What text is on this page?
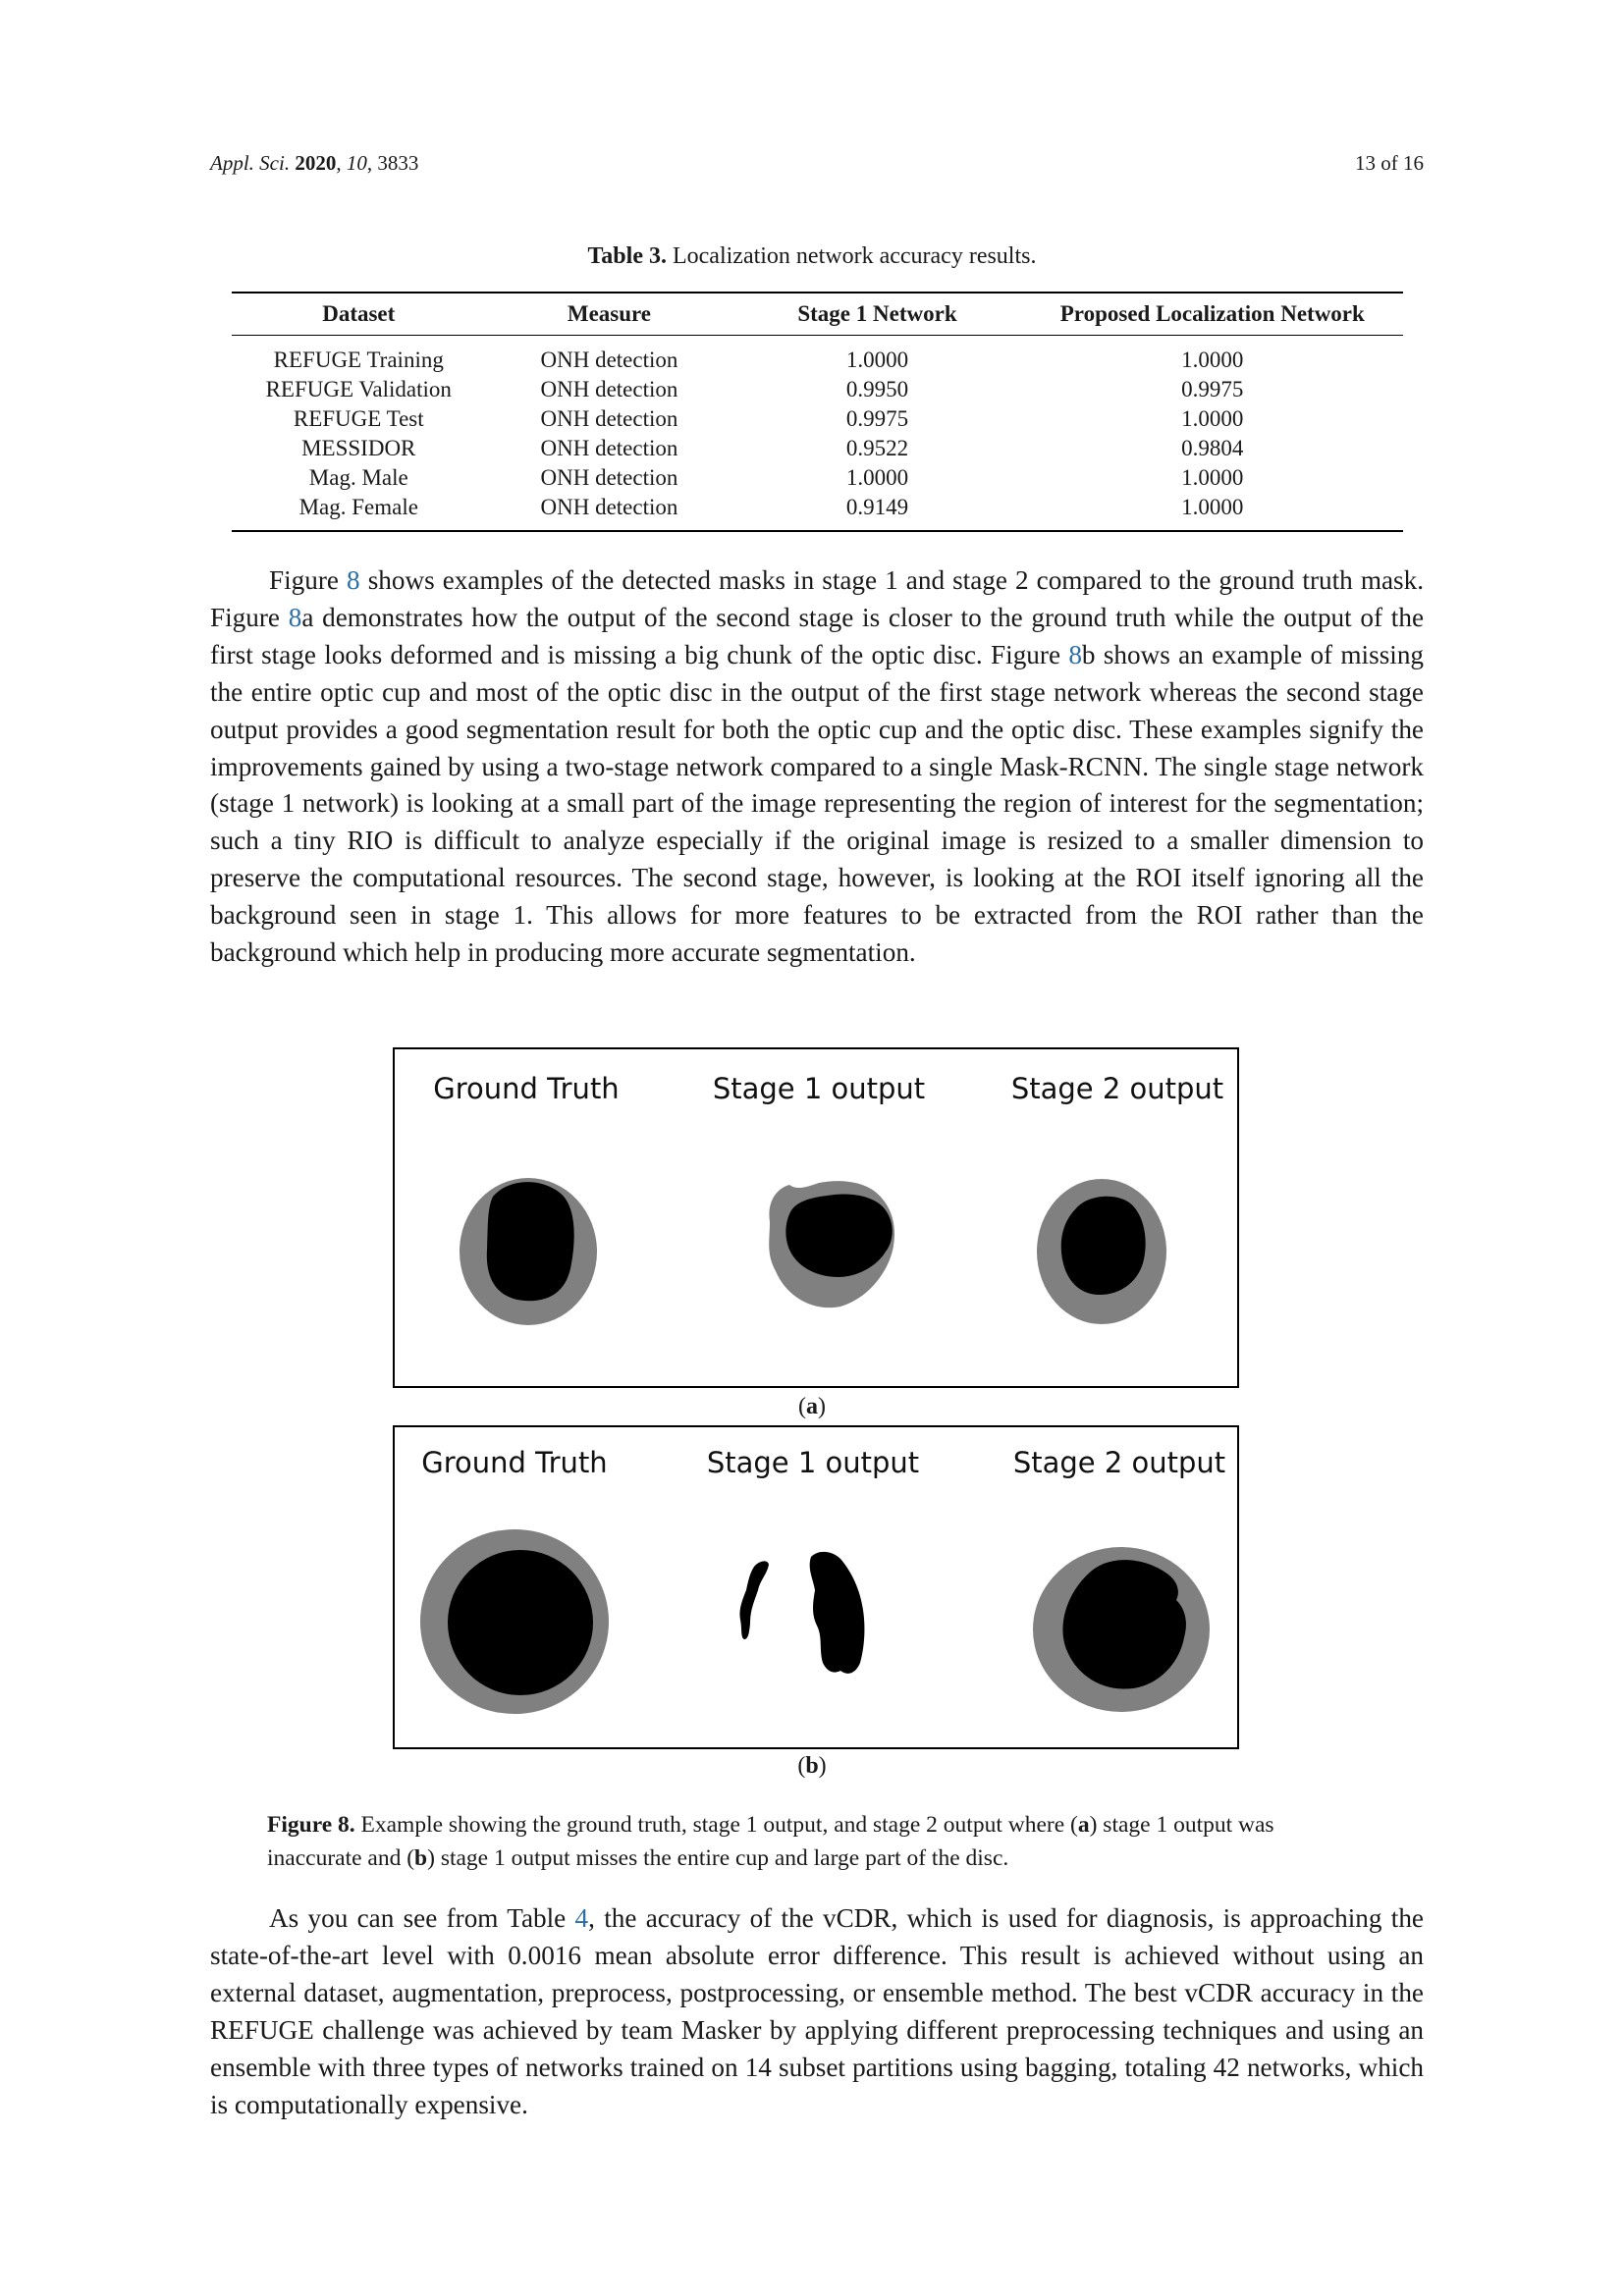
Appl. Sci. 2020, 10, 3833	13 of 16
Table 3. Localization network accuracy results.
Dataset	Measure	Stage 1 Network	Proposed Localization Network
REFUGE Training	ONH detection	1.0000	1.0000
REFUGE Validation	ONH detection	0.9950	0.9975
REFUGE Test	ONH detection	0.9975	1.0000
MESSIDOR	ONH detection	0.9522	0.9804
Mag. Male	ONH detection	1.0000	1.0000
Mag. Female	ONH detection	0.9149	1.0000

Figure 8 shows examples of the detected masks in stage 1 and stage 2 compared to the ground truth mask. Figure 8a demonstrates how the output of the second stage is closer to the ground truth while the output of the first stage looks deformed and is missing a big chunk of the optic disc. Figure 8b shows an example of missing the entire optic cup and most of the optic disc in the output of the first stage network whereas the second stage output provides a good segmentation result for both the optic cup and the optic disc. These examples signify the improvements gained by using a two-stage network compared to a single Mask-RCNN. The single stage network (stage 1 network) is looking at a small part of the image representing the region of interest for the segmentation; such a tiny RIO is difficult to analyze especially if the original image is resized to a smaller dimension to preserve the computational resources. The second stage, however, is looking at the ROI itself ignoring all the background seen in stage 1. This allows for more features to be extracted from the ROI rather than the background which help in producing more accurate segmentation.

Ground Truth	Stage 1 output	Stage 2 output
(a)
Ground Truth	Stage 1 output	Stage 2 output
(b)

Figure 8. Example showing the ground truth, stage 1 output, and stage 2 output where (a) stage 1 output was inaccurate and (b) stage 1 output misses the entire cup and large part of the disc.

As you can see from Table 4, the accuracy of the vCDR, which is used for diagnosis, is approaching the state-of-the-art level with 0.0016 mean absolute error difference. This result is achieved without using an external dataset, augmentation, preprocess, postprocessing, or ensemble method. The best vCDR accuracy in the REFUGE challenge was achieved by team Masker by applying different preprocessing techniques and using an ensemble with three types of networks trained on 14 subset partitions using bagging, totaling 42 networks, which is computationally expensive.
